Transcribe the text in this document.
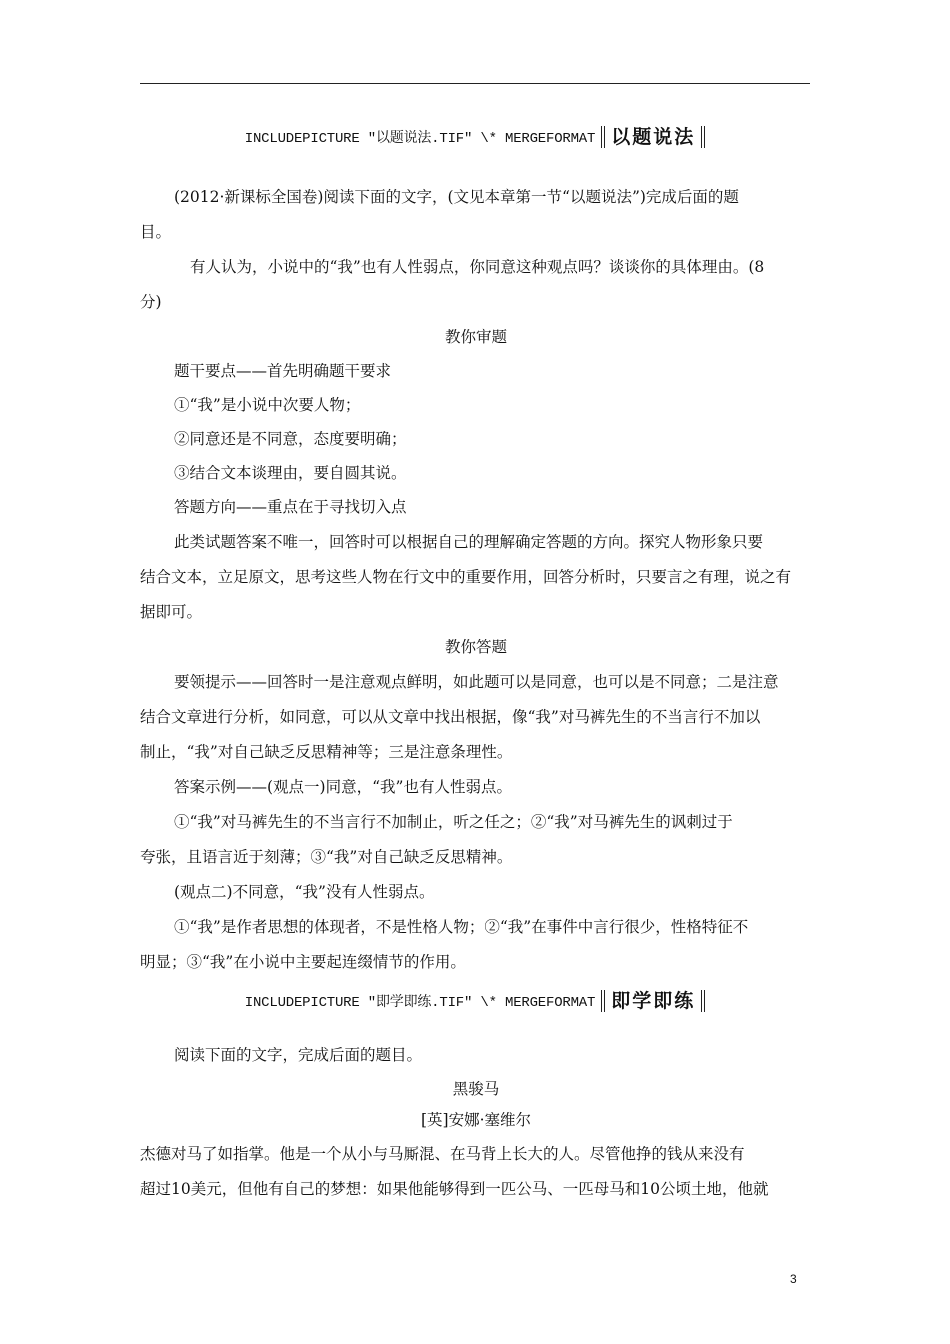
INCLUDEPICTURE "以题说法.TIF" \* MERGEFORMAT 以题说法
(2012·新课标全国卷)阅读下面的文字，(文见本章第一节“以题说法”)完成后面的题
目。
有人认为，小说中的“我”也有人性弱点，你同意这种观点吗？谈谈你的具体理由。(8
分)
教你审题
题干要点——首先明确题干要求
①“我”是小说中次要人物；
②同意还是不同意，态度要明确；
③结合文本谈理由，要自圆其说。
答题方向——重点在于寻找切入点
此类试题答案不唯一，回答时可以根据自己的理解确定答题的方向。探究人物形象只要
结合文本，立足原文，思考这些人物在行文中的重要作用，回答分析时，只要言之有理，说之有
据即可。
教你答题
要领提示——回答时一是注意观点鲜明，如此题可以是同意，也可以是不同意；二是注意
结合文章进行分析，如同意，可以从文章中找出根据，像“我”对马裤先生的不当言行不加以
制止，“我”对自己缺乏反思精神等；三是注意条理性。
答案示例——(观点一)同意，“我”也有人性弱点。
①“我”对马裤先生的不当言行不加制止，听之任之；②“我”对马裤先生的讽刺过于
夸张，且语言近于刻薄；③“我”对自己缺乏反思精神。
(观点二)不同意，“我”没有人性弱点。
①“我”是作者思想的体现者，不是性格人物；②“我”在事件中言行很少，性格特征不
明显；③“我”在小说中主要起连缀情节的作用。
INCLUDEPICTURE "即学即练.TIF" \* MERGEFORMAT 即学即练
阅读下面的文字，完成后面的题目。
黑骏马
[英]安娜·塞维尔
杰德对马了如指掌。他是一个从小与马厮混、在马背上长大的人。尽管他挣的钱从来没有
超过10美元，但他有自己的梦想：如果他能够得到一匹公马、一匹母马和10公顷土地，他就
3
